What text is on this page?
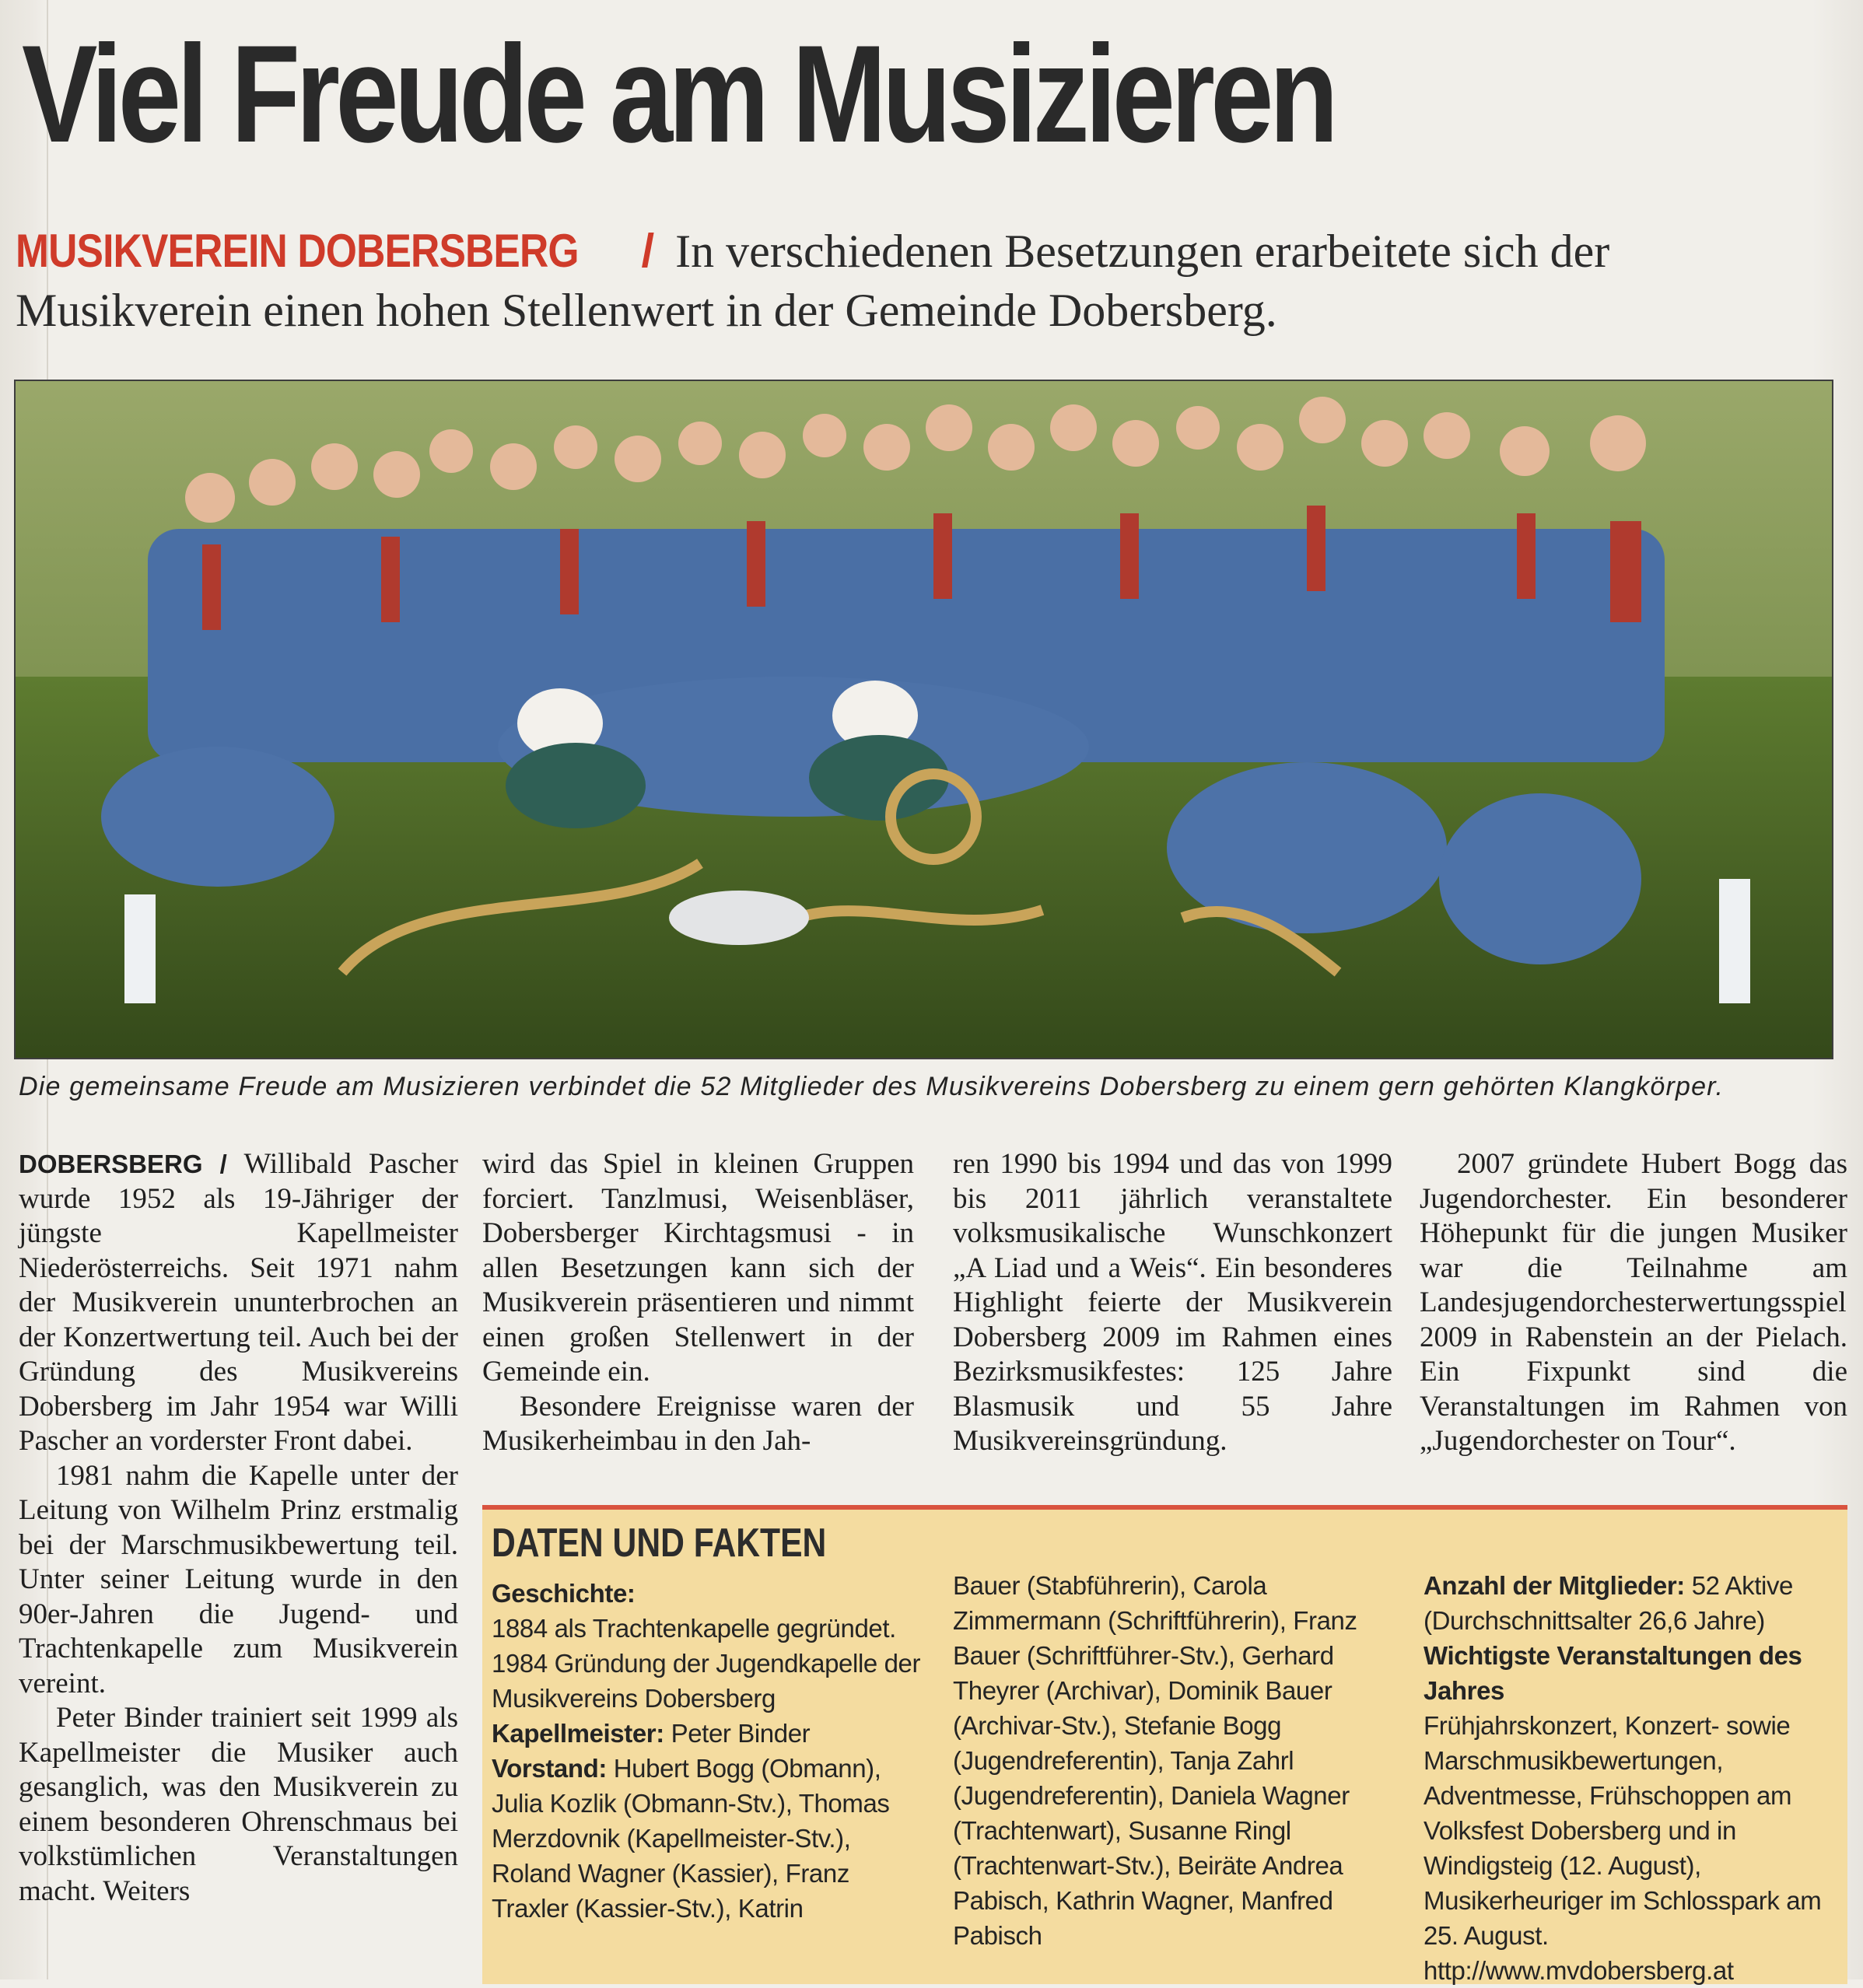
Viel Freude am Musizieren
MUSIKVEREIN DOBERSBERG / In verschiedenen Besetzungen erarbeitete sich der Musikverein einen hohen Stellenwert in der Gemeinde Dobersberg.
Die gemeinsame Freude am Musizieren verbindet die 52 Mitglieder des Musikvereins Dobersberg zu einem gern gehörten Klangkörper.

DOBERSBERG / Willibald Pascher wurde 1952 als 19-Jähriger der jüngste Kapellmeister Niederösterreichs. Seit 1971 nahm der Musikverein ununterbrochen an der Konzertwertung teil. Auch bei der Gründung des Musikvereins Dobersberg im Jahr 1954 war Willi Pascher an vorderster Front dabei.

1981 nahm die Kapelle unter der Leitung von Wilhelm Prinz erstmalig bei der Marschmusikbewertung teil. Unter seiner Leitung wurde in den 90er-Jahren die Jugend- und Trachtenkapelle zum Musikverein vereint.

Peter Binder trainiert seit 1999 als Kapellmeister die Musiker auch gesanglich, was den Musikverein zu einem besonderen Ohrenschmaus bei volkstümlichen Veranstaltungen macht. Weiters

wird das Spiel in kleinen Gruppen forciert. Tanzlmusi, Weisenbläser, Dobersberger Kirchtagsmusi - in allen Besetzungen kann sich der Musikverein präsentieren und nimmt einen großen Stellenwert in der Gemeinde ein.

Besondere Ereignisse waren der Musikerheimbau in den Jah-

ren 1990 bis 1994 und das von 1999 bis 2011 jährlich veranstaltete volksmusikalische Wunschkonzert „A Liad und a Weis“. Ein besonderes Highlight feierte der Musikverein Dobersberg 2009 im Rahmen eines Bezirksmusikfestes: 125 Jahre Blasmusik und 55 Jahre Musikvereinsgründung.

2007 gründete Hubert Bogg das Jugendorchester. Ein besonderer Höhepunkt für die jungen Musiker war die Teilnahme am Landesjugendorchesterwertungsspiel 2009 in Rabenstein an der Pielach. Ein Fixpunkt sind die Veranstaltungen im Rahmen von „Jugendorchester on Tour“.

DATEN UND FAKTEN
Geschichte:
1884 als Trachtenkapelle gegründet.
1984 Gründung der Jugendkapelle der Musikvereins Dobersberg
Kapellmeister: Peter Binder
Vorstand: Hubert Bogg (Obmann), Julia Kozlik (Obmann-Stv.), Thomas Merzdovnik (Kapellmeister-Stv.), Roland Wagner (Kassier), Franz Traxler (Kassier-Stv.), Katrin
Bauer (Stabführerin), Carola Zimmermann (Schriftführerin), Franz Bauer (Schriftführer-Stv.), Gerhard Theyrer (Archivar), Dominik Bauer (Archivar-Stv.), Stefanie Bogg (Jugendreferentin), Tanja Zahrl (Jugendreferentin), Daniela Wagner (Trachtenwart), Susanne Ringl (Trachtenwart-Stv.), Beiräte Andrea Pabisch, Kathrin Wagner, Manfred Pabisch
Anzahl der Mitglieder: 52 Aktive (Durchschnittsalter 26,6 Jahre)
Wichtigste Veranstaltungen des Jahres
Frühjahrskonzert, Konzert- sowie Marschmusikbewertungen, Adventmesse, Frühschoppen am Volksfest Dobersberg und in Windigsteig (12. August), Musikerheuriger im Schlosspark am 25. August. http://www.mvdobersberg.at
